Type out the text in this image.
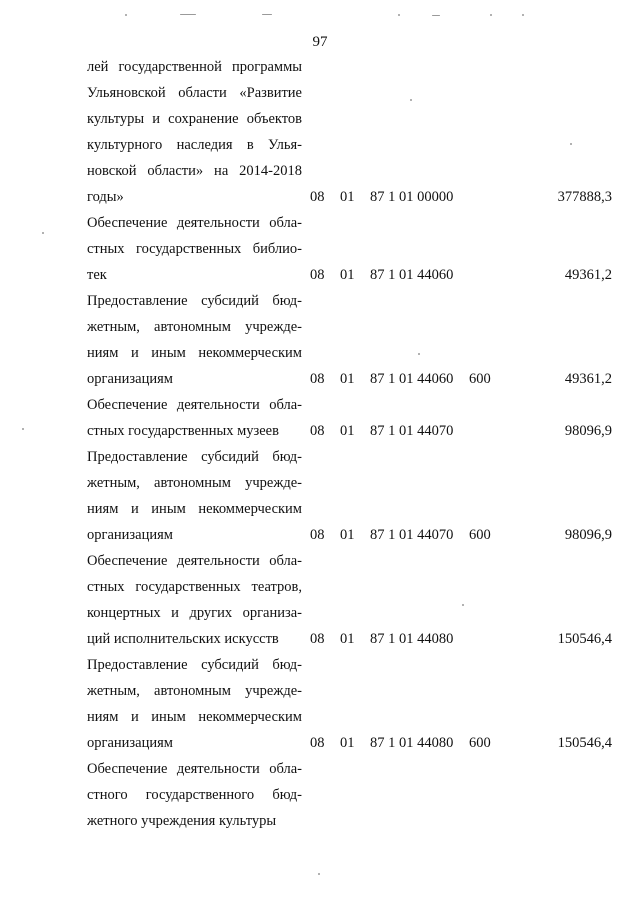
97
лей государственной программы
Ульяновской области «Развитие
культуры и сохранение объектов
культурного наследия в Улья-
новской области» на 2014-2018
годы»	08 01 87 1 01 00000	377888,3
Обеспечение деятельности обла-
стных государственных библио-
тек	08 01 87 1 01 44060	49361,2
Предоставление субсидий бюд-
жетным, автономным учрежде-
ниям и иным некоммерческим
организациям	08 01 87 1 01 44060 600	49361,2
Обеспечение деятельности обла-
стных государственных музеев	08 01 87 1 01 44070	98096,9
Предоставление субсидий бюд-
жетным, автономным учрежде-
ниям и иным некоммерческим
организациям	08 01 87 1 01 44070 600	98096,9
Обеспечение деятельности обла-
стных государственных театров,
концертных и других организа-
ций исполнительских искусств	08 01 87 1 01 44080	150546,4
Предоставление субсидий бюд-
жетным, автономным учрежде-
ниям и иным некоммерческим
организациям	08 01 87 1 01 44080 600	150546,4
Обеспечение деятельности обла-
стного государственного бюд-
жетного учреждения культуры
